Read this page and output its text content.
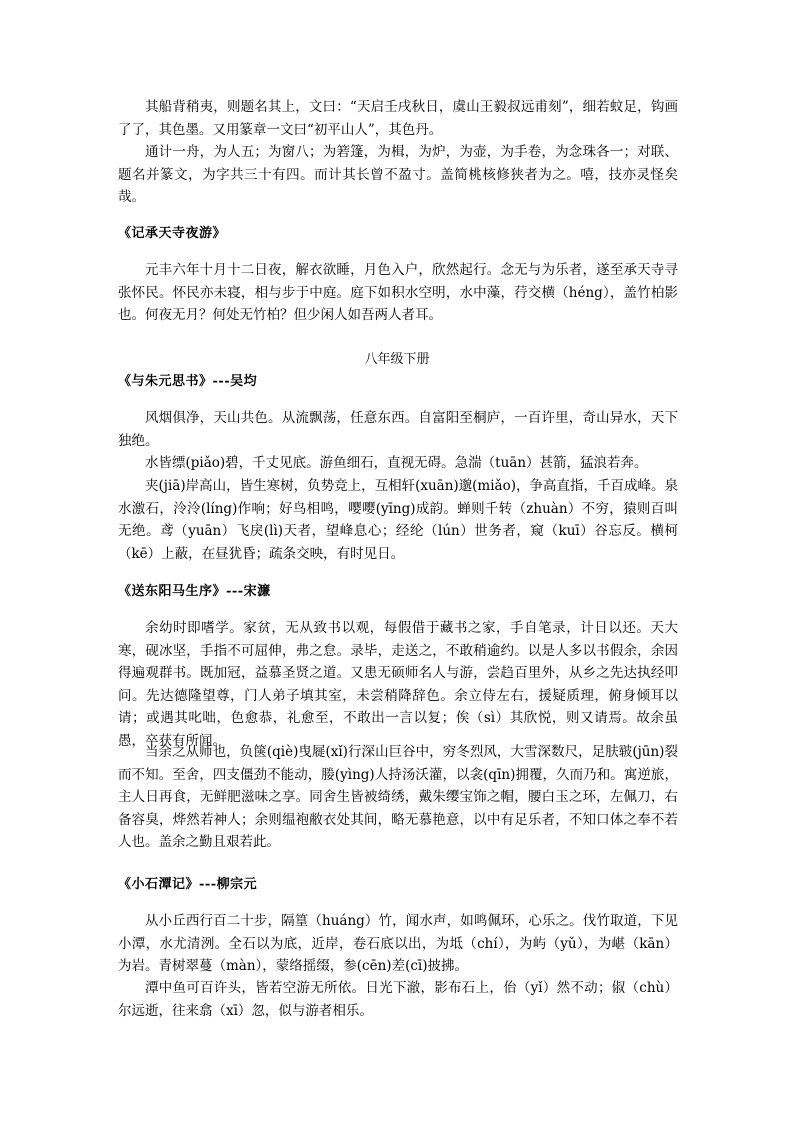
其船背稍夷，则题名其上，文曰：“天启壬戌秋日，虞山王毅叔远甫刻”，细若蚊足，钩画了了，其色墨。又用篆章一文曰“初平山人”，其色丹。

通计一舟，为人五；为窗八；为箬篷，为楫，为炉，为壶，为手卷，为念珠各一；对联、题名并篆文，为字共三十有四。而计其长曾不盈寸。盖简桃核修狭者为之。嘻，技亦灵怪矣哉。

《记承天寺夜游》

元丰六年十月十二日夜，解衣欲睡，月色入户，欣然起行。念无与为乐者，遂至承天寺寻张怀民。怀民亦未寝，相与步于中庭。庭下如积水空明，水中藻，荇交横（héng），盖竹柏影也。何夜无月？何处无竹柏？但少闲人如吾两人者耳。

八年级下册

《与朱元思书》---吴均

风烟俱净，天山共色。从流飘荡，任意东西。自富阳至桐庐，一百许里，奇山异水，天下独绝。

水皆缥(piǎo)碧，千丈见底。游鱼细石，直视无碍。急湍（tuān）甚箭，猛浪若奔。

夹(jiā)岸高山，皆生寒树，负势竞上，互相轩(xuān)邈(miǎo)，争高直指，千百成峰。泉水激石，泠泠(líng)作响；好鸟相鸣，嘤嘤(yīng)成韵。蝉则千转（zhuàn）不穷，猿则百叫无绝。鸢（yuān）飞戾(lì)天者，望峰息心；经纶（lún）世务者，窥（kuī）谷忘反。横柯（kē）上蔽，在昼犹昏；疏条交映，有时见日。

《送东阳马生序》---宋濂

余幼时即嗜学。家贫，无从致书以观，每假借于藏书之家，手自笔录，计日以还。天大寒，砚冰坚，手指不可屈伸，弗之怠。录毕，走送之，不敢稍逾约。以是人多以书假余，余因得遍观群书。既加冠，益慕圣贤之道。又患无硕师名人与游，尝趋百里外，从乡之先达执经叩问。先达德隆望尊，门人弟子填其室，未尝稍降辞色。余立侍左右，援疑质理，俯身倾耳以请；或遇其叱咄，色愈恭，礼愈至，不敢出一言以复；俟（sì）其欣悦，则又请焉。故余虽愚，卒获有所闻。

当余之从师也，负箧(qiè)曳屣(xǐ)行深山巨谷中，穷冬烈风，大雪深数尺，足肤皲(jūn)裂而不知。至舍，四支僵劲不能动，媵(yìng)人持汤沃灌，以衾(qīn)拥覆，久而乃和。寓逆旅，主人日再食，无鲜肥滋味之享。同舍生皆被绮绣，戴朱缨宝饰之帽，腰白玉之环，左佩刀，右备容臭，烨然若神人；余则缊袍敝衣处其间，略无慕艳意，以中有足乐者，不知口体之奉不若人也。盖余之勤且艰若此。

《小石潭记》---柳宗元

从小丘西行百二十步，隔篁（huáng）竹，闻水声，如鸣佩环，心乐之。伐竹取道，下见小潭，水尤清洌。全石以为底，近岸，卷石底以出，为坻（chí），为屿（yǔ），为嵁（kān）为岩。青树翠蔓（màn），蒙络摇缀，参(cēn)差(cī)披拂。

潭中鱼可百许头，皆若空游无所依。日光下澈，影布石上，佁（yǐ）然不动；俶（chù）尔远逝，往来翕（xī）忽，似与游者相乐。
